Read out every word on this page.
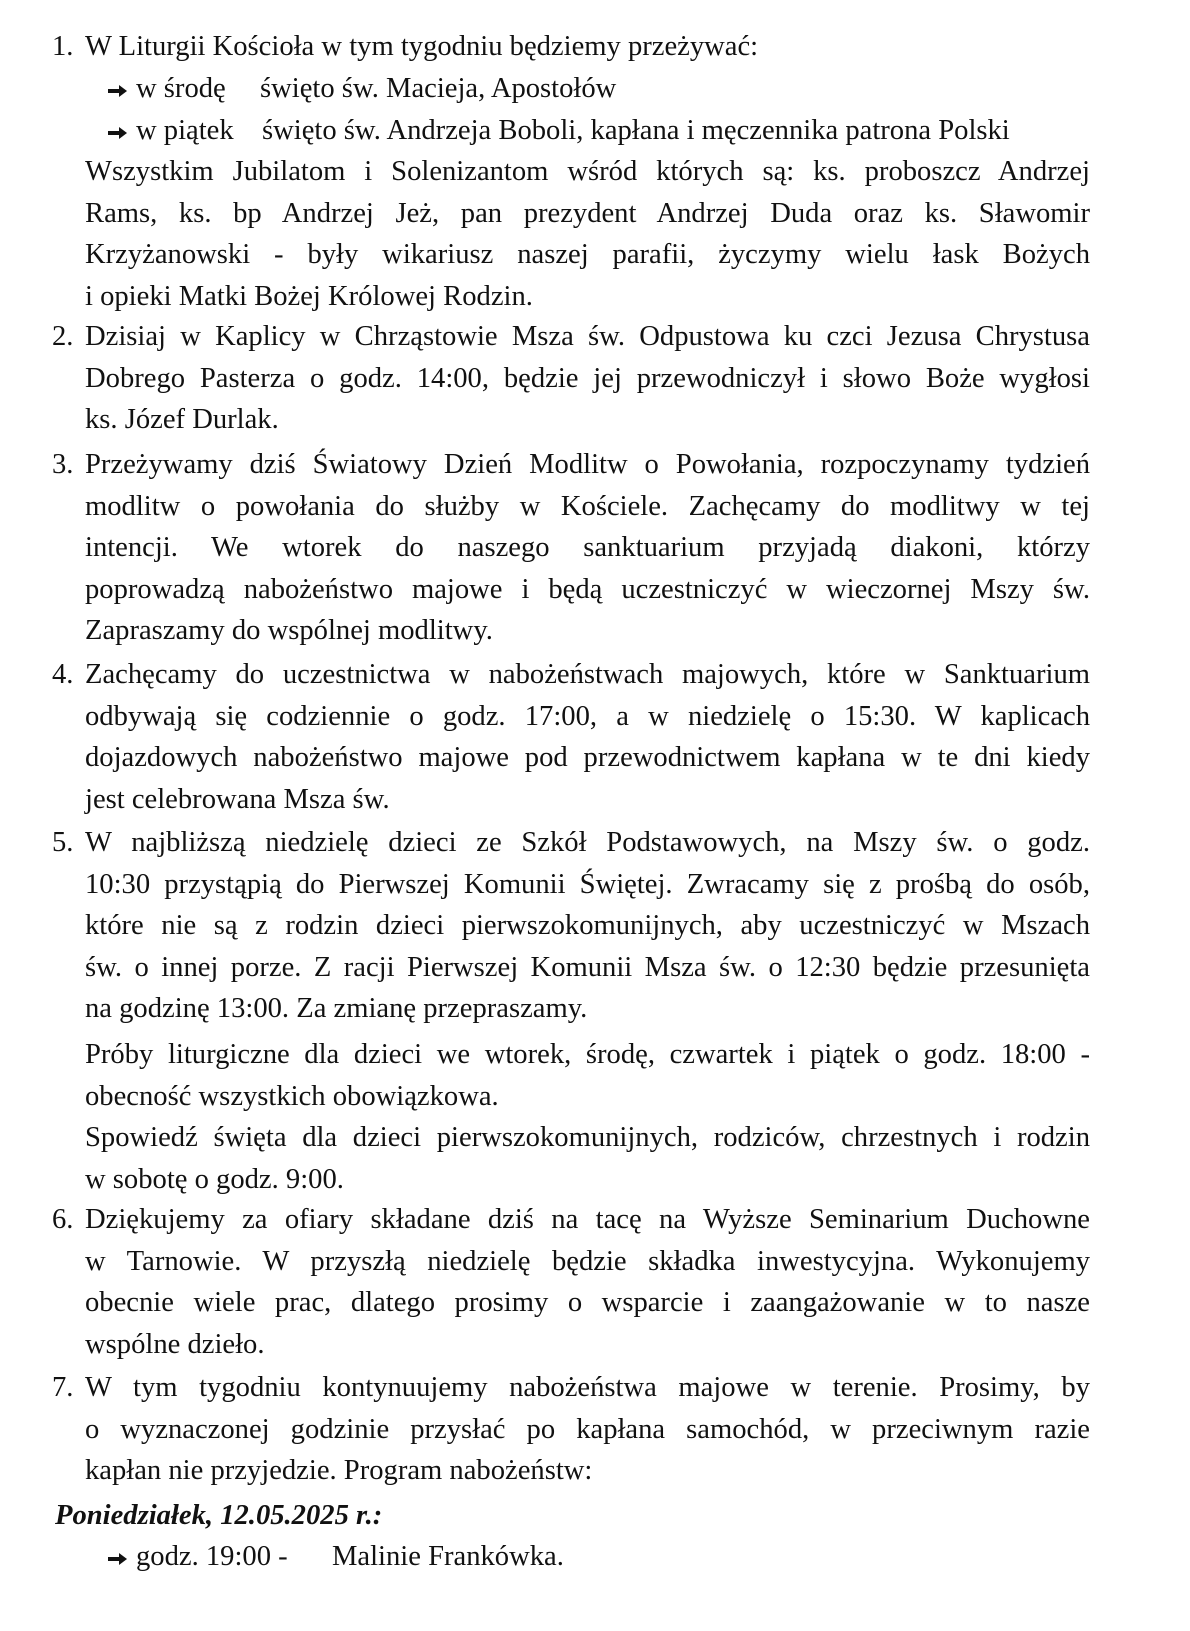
1. W Liturgii Kościoła w tym tygodniu będziemy przeżywać:
w środę święto św. Macieja, Apostołów
w piątek święto św. Andrzeja Boboli, kapłana i męczennika patrona Polski
Wszystkim Jubilatom i Solenizantom wśród których są: ks. proboszcz Andrzej
Rams, ks. bp Andrzej Jeż, pan prezydent Andrzej Duda oraz ks. Sławomir
Krzyżanowski - były wikariusz naszej parafii, życzymy wielu łask Bożych
i opieki Matki Bożej Królowej Rodzin.
2. Dzisiaj w Kaplicy w Chrząstowie Msza św. Odpustowa ku czci Jezusa Chrystusa
Dobrego Pasterza o godz. 14:00, będzie jej przewodniczył i słowo Boże wygłosi
ks. Józef Durlak.
3. Przeżywamy dziś Światowy Dzień Modlitw o Powołania, rozpoczynamy tydzień
modlitw o powołania do służby w Kościele. Zachęcamy do modlitwy w tej
intencji. We wtorek do naszego sanktuarium przyjadą diakoni, którzy
poprowadzą nabożeństwo majowe i będą uczestniczyć w wieczornej Mszy św.
Zapraszamy do wspólnej modlitwy.
4. Zachęcamy do uczestnictwa w nabożeństwach majowych, które w Sanktuarium
odbywają się codziennie o godz. 17:00, a w niedzielę o 15:30. W kaplicach
dojazdowych nabożeństwo majowe pod przewodnictwem kapłana w te dni kiedy
jest celebrowana Msza św.
5. W najbliższą niedzielę dzieci ze Szkół Podstawowych, na Mszy św. o godz.
10:30 przystąpią do Pierwszej Komunii Świętej. Zwracamy się z prośbą do osób,
które nie są z rodzin dzieci pierwszokomunijnych, aby uczestniczyć w Mszach
św. o innej porze. Z racji Pierwszej Komunii Msza św. o 12:30 będzie przesunięta
na godzinę 13:00. Za zmianę przepraszamy.
Próby liturgiczne dla dzieci we wtorek, środę, czwartek i piątek o godz. 18:00 -
obecność wszystkich obowiązkowa.
Spowiedź święta dla dzieci pierwszokomunijnych, rodziców, chrzestnych i rodzin
w sobotę o godz. 9:00.
6. Dziękujemy za ofiary składane dziś na tacę na Wyższe Seminarium Duchowne
w Tarnowie. W przyszłą niedzielę będzie składka inwestycyjna. Wykonujemy
obecnie wiele prac, dlatego prosimy o wsparcie i zaangażowanie w to nasze
wspólne dzieło.
7. W tym tygodniu kontynuujemy nabożeństwa majowe w terenie. Prosimy, by
o wyznaczonej godzinie przysłać po kapłana samochód, w przeciwnym razie
kapłan nie przyjedzie. Program nabożeństw:
Poniedziałek, 12.05.2025 r.:
godz. 19:00 - Malinie Frankówka.
